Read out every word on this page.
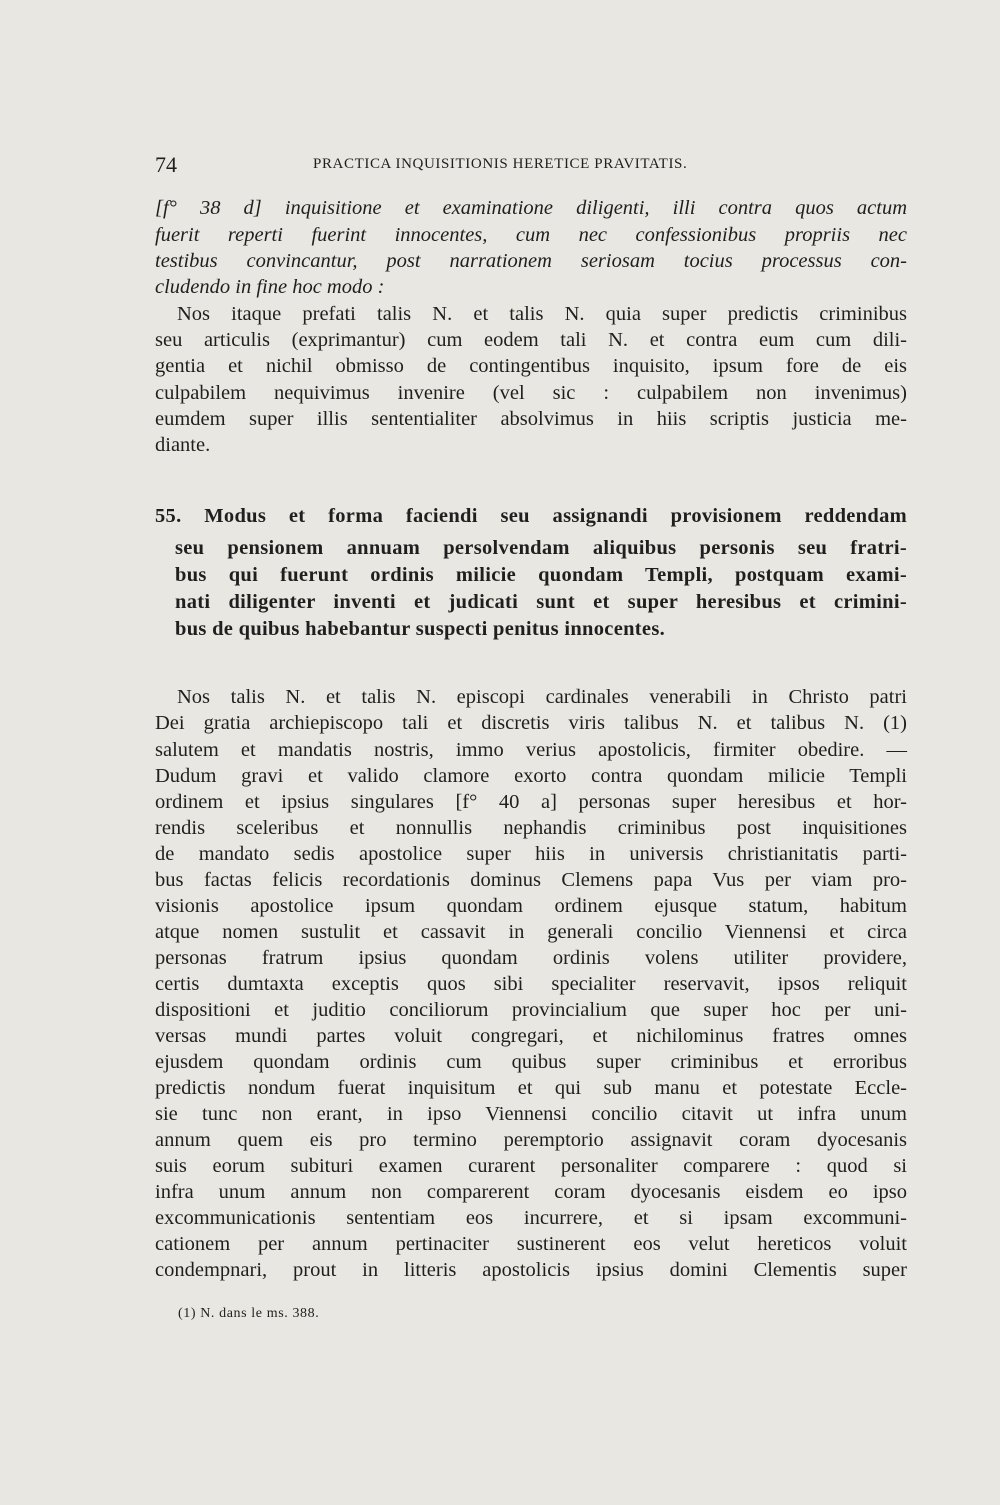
74	PRACTICA INQUISITIONIS HERETICE PRAVITATIS.
[f° 38 d] inquisitione et examinatione diligenti, illi contra quos actum
fuerit reperti fuerint innocentes, cum nec confessionibus propriis nec
testibus convincantur, post narrationem seriosam tocius processus con-
cludendo in fine hoc modo :
Nos itaque prefati talis N. et talis N. quia super predictis criminibus
seu articulis (exprimantur) cum eodem tali N. et contra eum cum dili-
gentia et nichil obmisso de contingentibus inquisito, ipsum fore de eis
culpabilem nequivimus invenire (vel sic : culpabilem non invenimus)
eumdem super illis sententialiter absolvimus in hiis scriptis justicia me-
diante.
55. Modus et forma faciendi seu assignandi provisionem reddendam
seu pensionem annuam persolvendam aliquibus personis seu fratri-
bus qui fuerunt ordinis milicie quondam Templi, postquam exami-
nati diligenter inventi et judicati sunt et super heresibus et crimini-
bus de quibus habebantur suspecti penitus innocentes.
Nos talis N. et talis N. episcopi cardinales venerabili in Christo patri
Dei gratia archiepiscopo tali et discretis viris talibus N. et talibus N. (1)
salutem et mandatis nostris, immo verius apostolicis, firmiter obedire. —
Dudum gravi et valido clamore exorto contra quondam milicie Templi
ordinem et ipsius singulares [f° 40 a] personas super heresibus et hor-
rendis sceleribus et nonnullis nephandis criminibus post inquisitiones
de mandato sedis apostolice super hiis in universis christianitatis parti-
bus factas felicis recordationis dominus Clemens papa Vus per viam pro-
visionis apostolice ipsum quondam ordinem ejusque statum, habitum
atque nomen sustulit et cassavit in generali concilio Viennensi et circa
personas fratrum ipsius quondam ordinis volens utiliter providere,
certis dumtaxta exceptis quos sibi specialiter reservavit, ipsos reliquit
dispositioni et juditio conciliorum provincialium que super hoc per uni-
versas mundi partes voluit congregari, et nichilominus fratres omnes
ejusdem quondam ordinis cum quibus super criminibus et erroribus
predictis nondum fuerat inquisitum et qui sub manu et potestate Eccle-
sie tunc non erant, in ipso Viennensi concilio citavit ut infra unum
annum quem eis pro termino peremptorio assignavit coram dyocesanis
suis eorum subituri examen curarent personaliter comparere : quod si
infra unum annum non comparerent coram dyocesanis eisdem eo ipso
excommunicationis sententiam eos incurrere, et si ipsam excommuni-
cationem per annum pertinaciter sustinerent eos velut hereticos voluit
condempnari, prout in litteris apostolicis ipsius domini Clementis super
(1) N. dans le ms. 388.
